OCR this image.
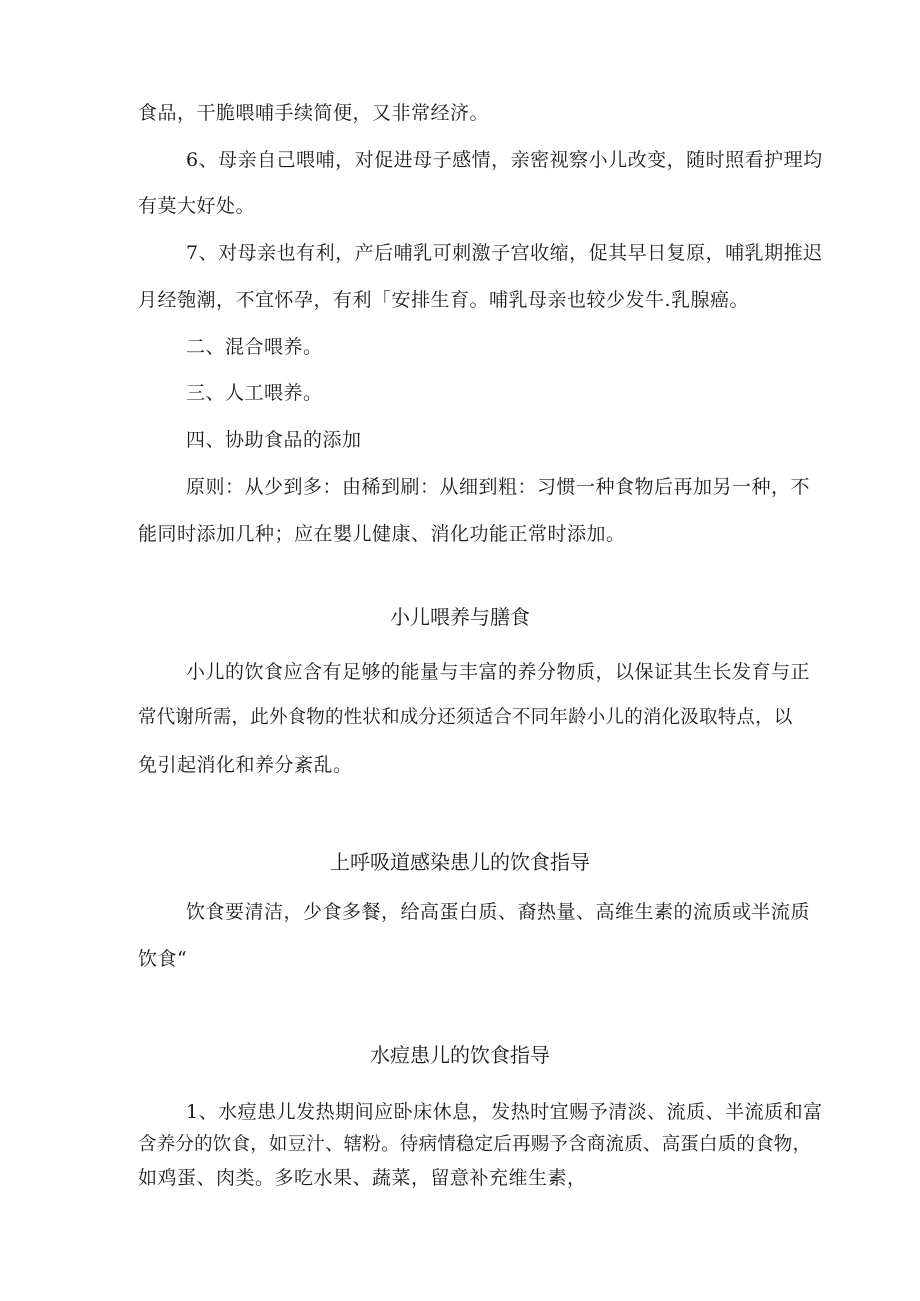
食品，干脆喂哺手续简便，又非常经济。
6、母亲自己喂哺，对促进母子感情，亲密视察小儿改变，随时照看护理均
有莫大好处。
7、对母亲也有利，产后哺乳可刺激子宫收缩，促其早日复原，哺乳期推迟
月经匏潮，不宜怀孕，有利「安排生育。哺乳母亲也较少发牛.乳腺癌。
二、混合喂养。
三、人工喂养。
四、协助食品的添加
原则：从少到多：由稀到刷：从细到粗：习惯一种食物后再加另一种，不
能同时添加几种；应在嬰儿健康、消化功能正常时添加。
小儿喂养与膳食
小儿的饮食应含有足够的能量与丰富的养分物质，以保证其生长发育与正
常代谢所需，此外食物的性状和成分还须适合不同年龄小儿的消化汲取特点，以
免引起消化和养分紊乱。
上呼吸道感染患儿的饮食指导
饮食要清洁，少食多餐，给高蛋白质、裔热量、高维生素的流质或半流质
饮食“
水痘患儿的饮食指导
1、水痘患儿发热期间应卧床休息，发热时宜赐予清淡、流质、半流质和富
含养分的饮食，如豆汁、辖粉。待病情稳定后再赐予含商流质、高蛋白质的食物，
如鸡蛋、肉类。多吃水果、蔬菜，留意补充维生素，
